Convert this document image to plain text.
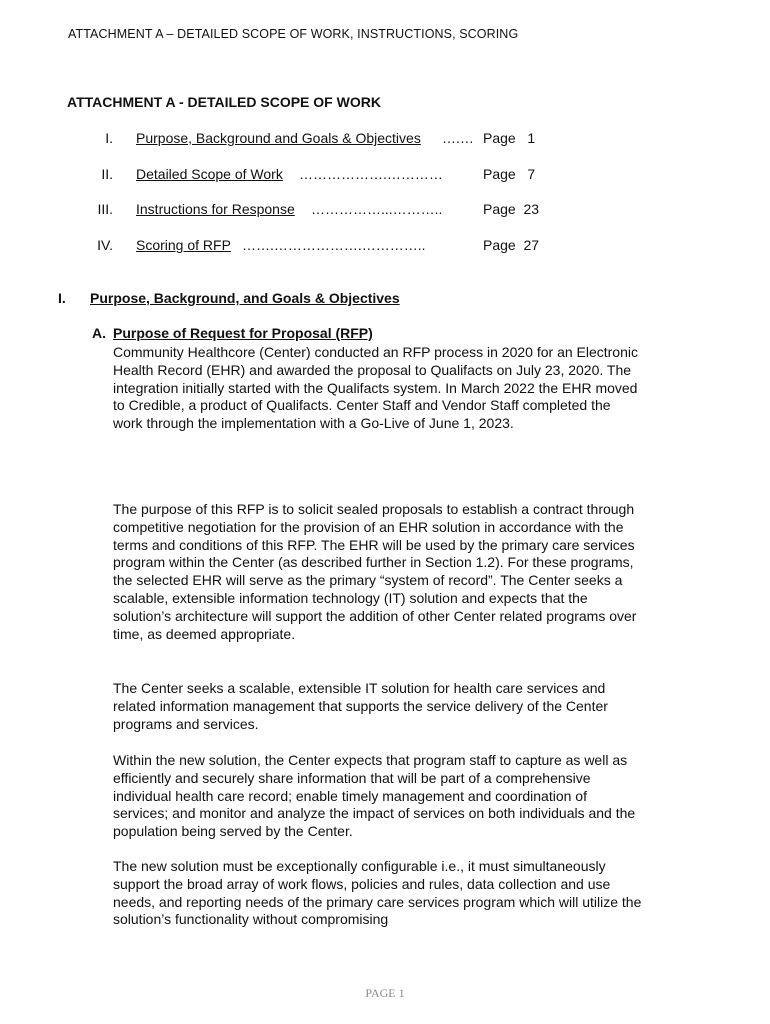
ATTACHMENT A – DETAILED SCOPE OF WORK, INSTRUCTIONS, SCORING
ATTACHMENT A - DETAILED SCOPE OF WORK
I. Purpose, Background and Goals & Objectives ….… Page   1
II. Detailed Scope of Work ……………….…………	Page   7
III. Instructions for Response ……………...………..	Page  23
IV. Scoring of RFP …….……………….…………..	Page  27
I. Purpose, Background, and Goals & Objectives
A. Purpose of Request for Proposal (RFP)

Community Healthcore (Center) conducted an RFP process in 2020 for an Electronic Health Record (EHR) and awarded the proposal to Qualifacts on July 23, 2020. The integration initially started with the Qualifacts system. In March 2022 the EHR moved to Credible, a product of Qualifacts. Center Staff and Vendor Staff completed the work through the implementation with a Go-Live of June 1, 2023.

The purpose of this RFP is to solicit sealed proposals to establish a contract through competitive negotiation for the provision of an EHR solution in accordance with the terms and conditions of this RFP. The EHR will be used by the primary care services program within the Center (as described further in Section 1.2). For these programs, the selected EHR will serve as the primary “system of record”. The Center seeks a scalable, extensible information technology (IT) solution and expects that the solution’s architecture will support the addition of other Center related programs over time, as deemed appropriate.

The Center seeks a scalable, extensible IT solution for health care services and related information management that supports the service delivery of the Center programs and services.

Within the new solution, the Center expects that program staff to capture as well as efficiently and securely share information that will be part of a comprehensive individual health care record; enable timely management and coordination of services; and monitor and analyze the impact of services on both individuals and the population being served by the Center.

The new solution must be exceptionally configurable i.e., it must simultaneously support the broad array of work flows, policies and rules, data collection and use needs, and reporting needs of the primary care services program which will utilize the solution’s functionality without compromising

PAGE 1
